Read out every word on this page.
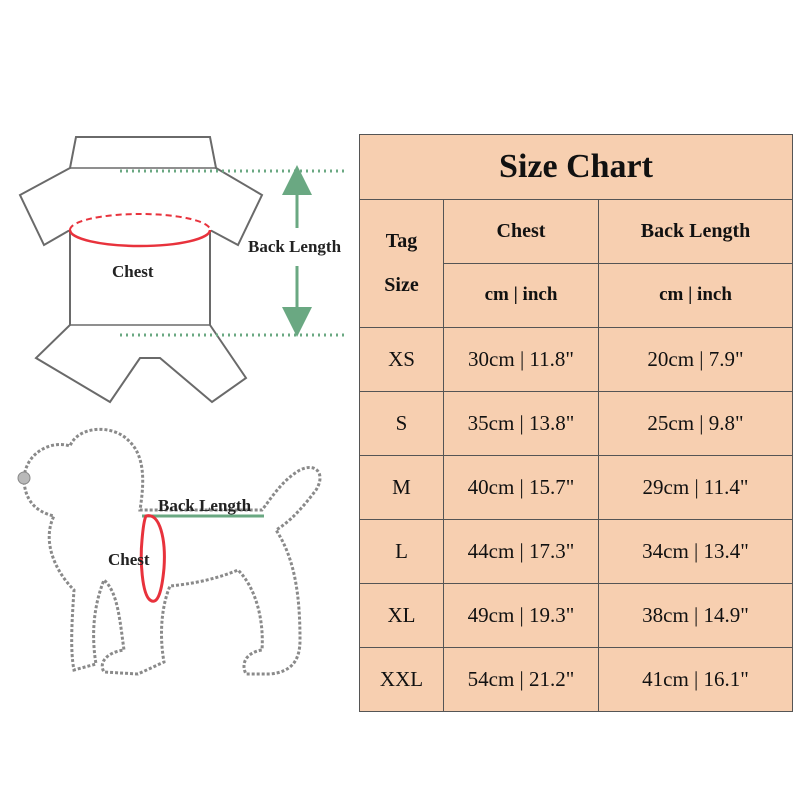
Chest
Back Length
Back Length
Chest
Size Chart		

Tag
Size	Chest	Back Length
	cm | inch	cm | inch
XS	30cm | 11.8"	20cm | 7.9"
S	35cm | 13.8"	25cm | 9.8"
M	40cm | 15.7"	29cm | 11.4"
L	44cm | 17.3"	34cm | 13.4"
XL	49cm | 19.3"	38cm | 14.9"
XXL	54cm | 21.2"	41cm | 16.1"
